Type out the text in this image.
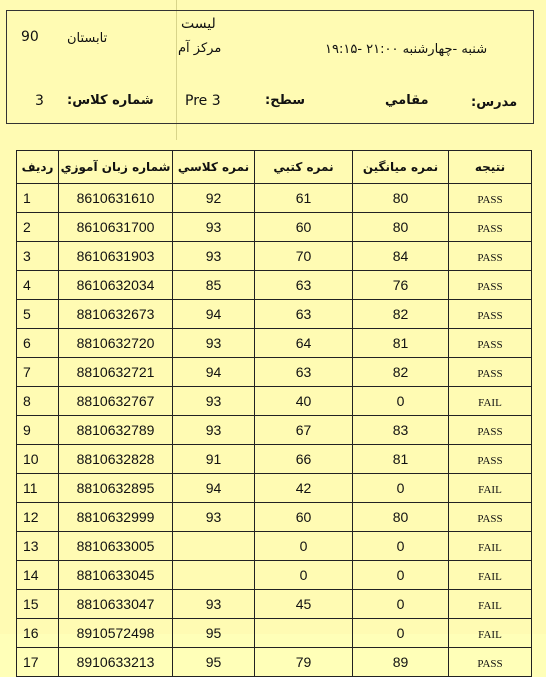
لیست
مرکز آم
90 تابستان
شنبه -چهارشنبه ۲۱:۰۰ -۱۹:۱۵
3 شماره کلاس: Pre 3	سطح:	مقامي	مدرس:
ردیف	شماره زبان آموزي	نمره كلاسي	نمره كتبي	نمره ميانگين	نتيجه
1	8610631610	92	61	80	PASS
2	8610631700	93	60	80	PASS
3	8610631903	93	70	84	PASS
4	8610632034	85	63	76	PASS
5	8810632673	94	63	82	PASS
6	8810632720	93	64	81	PASS
7	8810632721	94	63	82	PASS
8	8810632767	93	40	0	FAIL
9	8810632789	93	67	83	PASS
10	8810632828	91	66	81	PASS
11	8810632895	94	42	0	FAIL
12	8810632999	93	60	80	PASS
13	8810633005		0	0	FAIL
14	8810633045		0	0	FAIL
15	8810633047	93	45	0	FAIL
16	8910572498	95		0	FAIL
17	8910633213	95	79	89	PASS
